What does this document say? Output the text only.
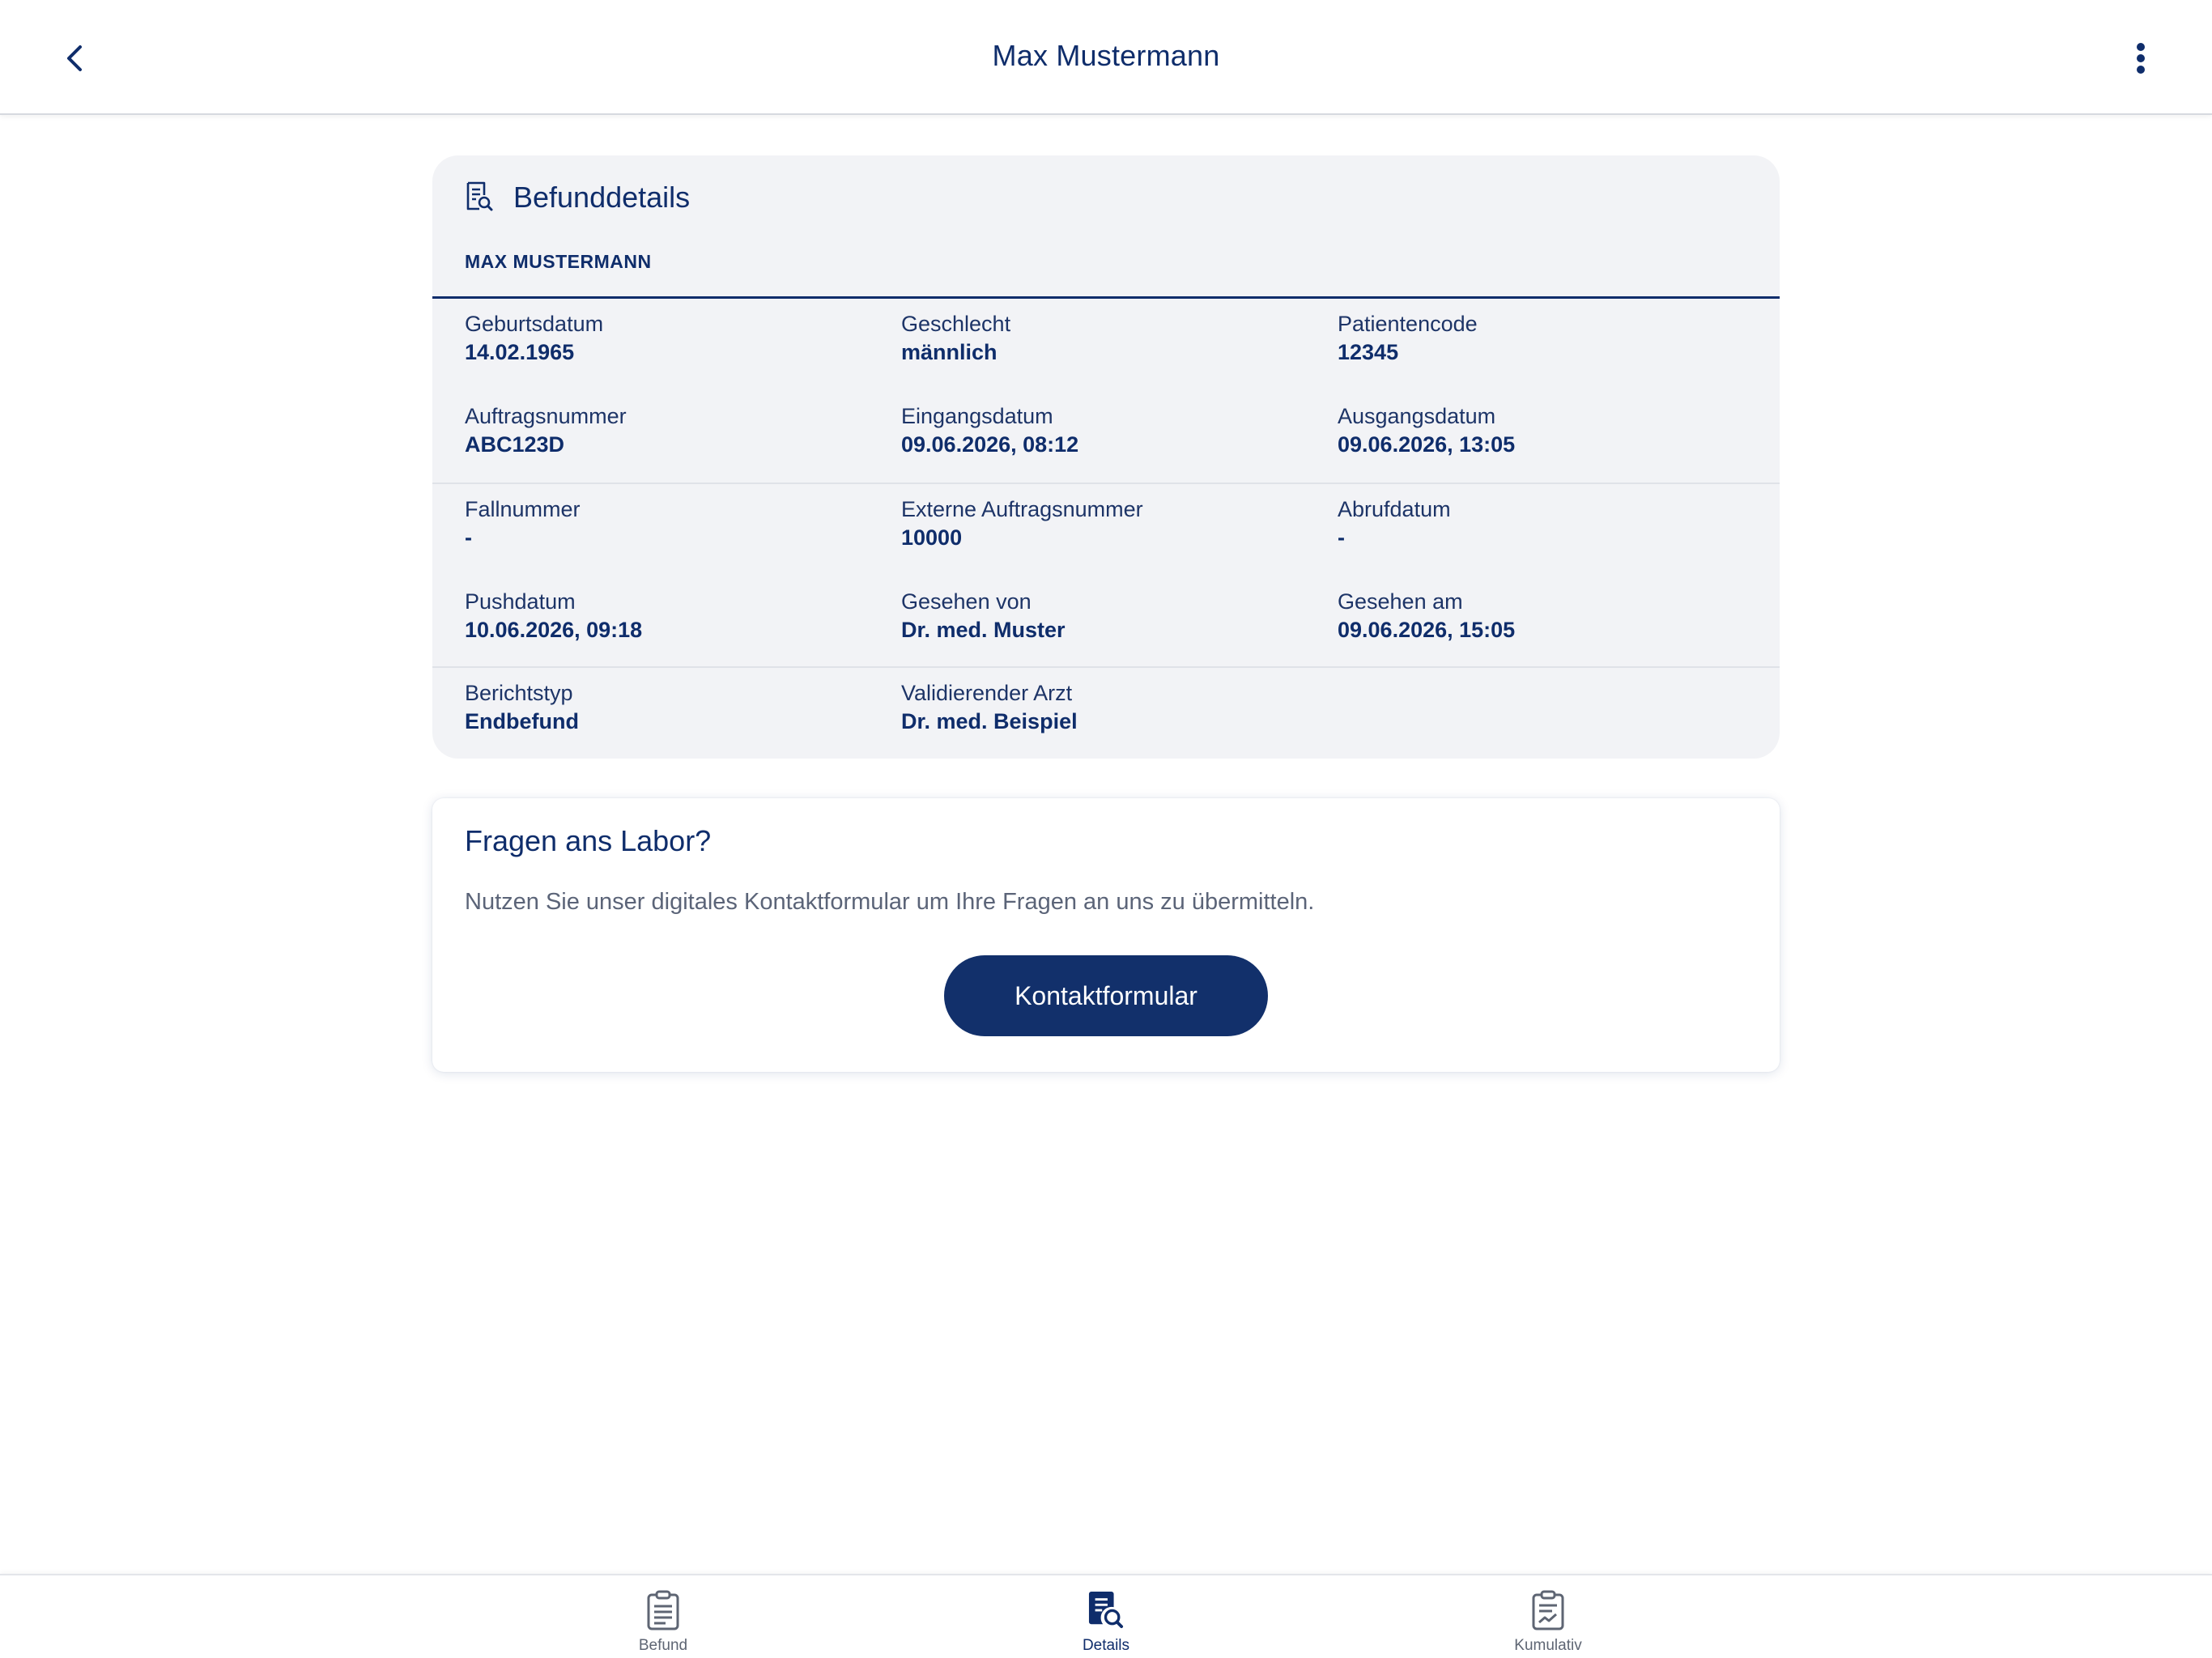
Max Mustermann
Befunddetails
MAX MUSTERMANN
Geburtsdatum
14.02.1965
Geschlecht
männlich
Patientencode
12345
Auftragsnummer
ABC123D
Eingangsdatum
09.06.2026, 08:12
Ausgangsdatum
09.06.2026, 13:05
Fallnummer
-
Externe Auftragsnummer
10000
Abrufdatum
-
Pushdatum
10.06.2026, 09:18
Gesehen von
Dr. med. Muster
Gesehen am
09.06.2026, 15:05
Berichtstyp
Endbefund
Validierender Arzt
Dr. med. Beispiel
Fragen ans Labor?
Nutzen Sie unser digitales Kontaktformular um Ihre Fragen an uns zu übermitteln.
Kontaktformular
Befund	Details	Kumulativ
